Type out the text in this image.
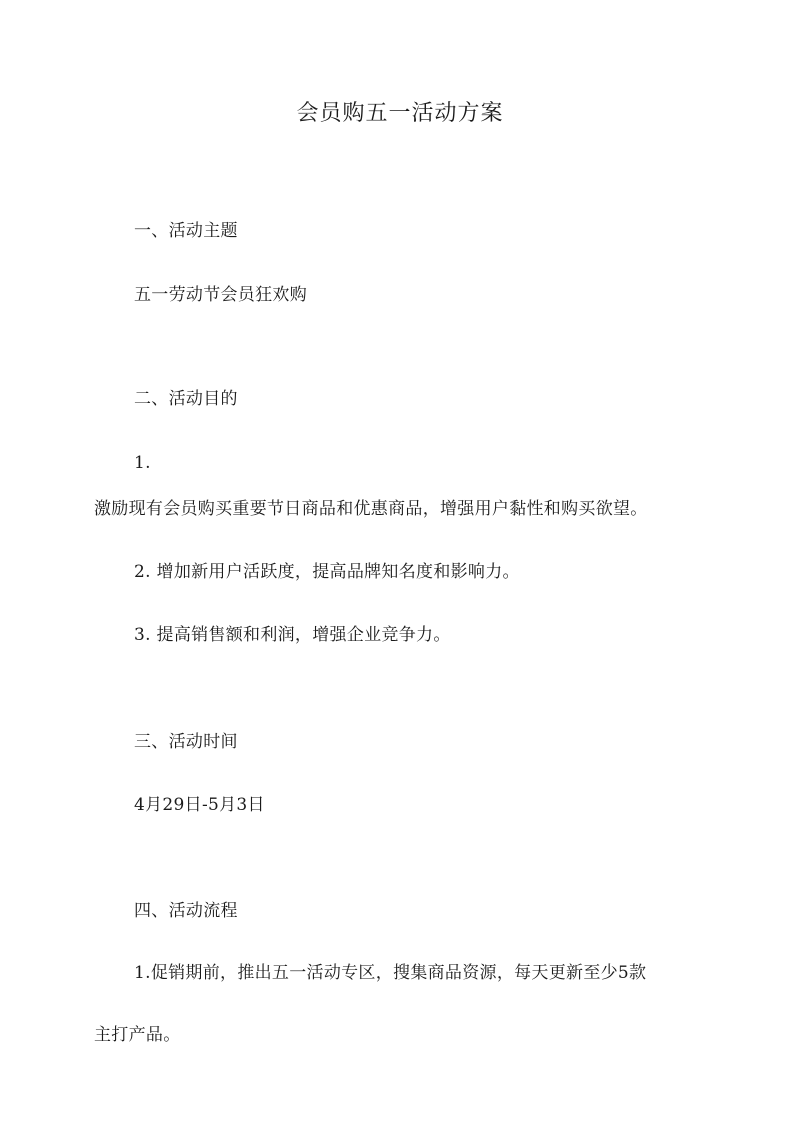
会员购五一活动方案
一、活动主题
五一劳动节会员狂欢购
二、活动目的
1.
激励现有会员购买重要节日商品和优惠商品，增强用户黏性和购买欲望。
2. 增加新用户活跃度，提高品牌知名度和影响力。
3. 提高销售额和利润，增强企业竞争力。
三、活动时间
4月29日-5月3日
四、活动流程
1.促销期前，推出五一活动专区，搜集商品资源，每天更新至少5款
主打产品。
